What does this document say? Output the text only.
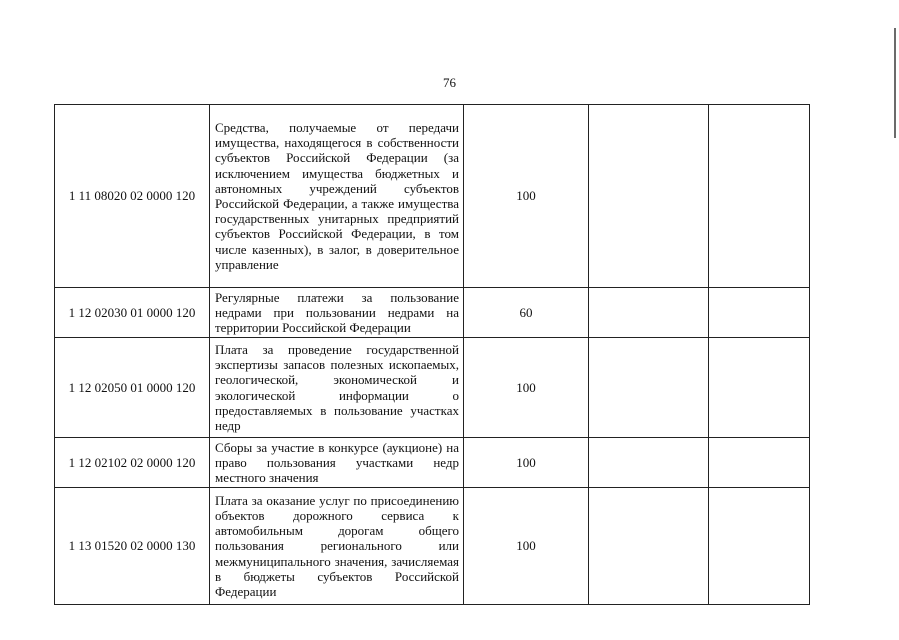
76
1 11 08020 02 0000 120	Средства, получаемые от передачи имущества, находящегося в собственности субъектов Российской Федерации (за исключением имущества бюджетных и автономных учреждений субъектов Российской Федерации, а также имущества государственных унитарных предприятий субъектов Российской Федерации, в том числе казенных), в залог, в доверительное управление	100		
1 12 02030 01 0000 120	Регулярные платежи за пользование недрами при пользовании недрами на территории Российской Федерации	60		
1 12 02050 01 0000 120	Плата за проведение государственной экспертизы запасов полезных ископаемых, геологической, экономической и экологической информации о предоставляемых в пользование участках недр	100		
1 12 02102 02 0000 120	Сборы за участие в конкурсе (аукционе) на право пользования участками недр местного значения	100		
1 13 01520 02 0000 130	Плата за оказание услуг по присоединению объектов дорожного сервиса к автомобильным дорогам общего пользования регионального или межмуниципального значения, зачисляемая в бюджеты субъектов Российской Федерации	100		
